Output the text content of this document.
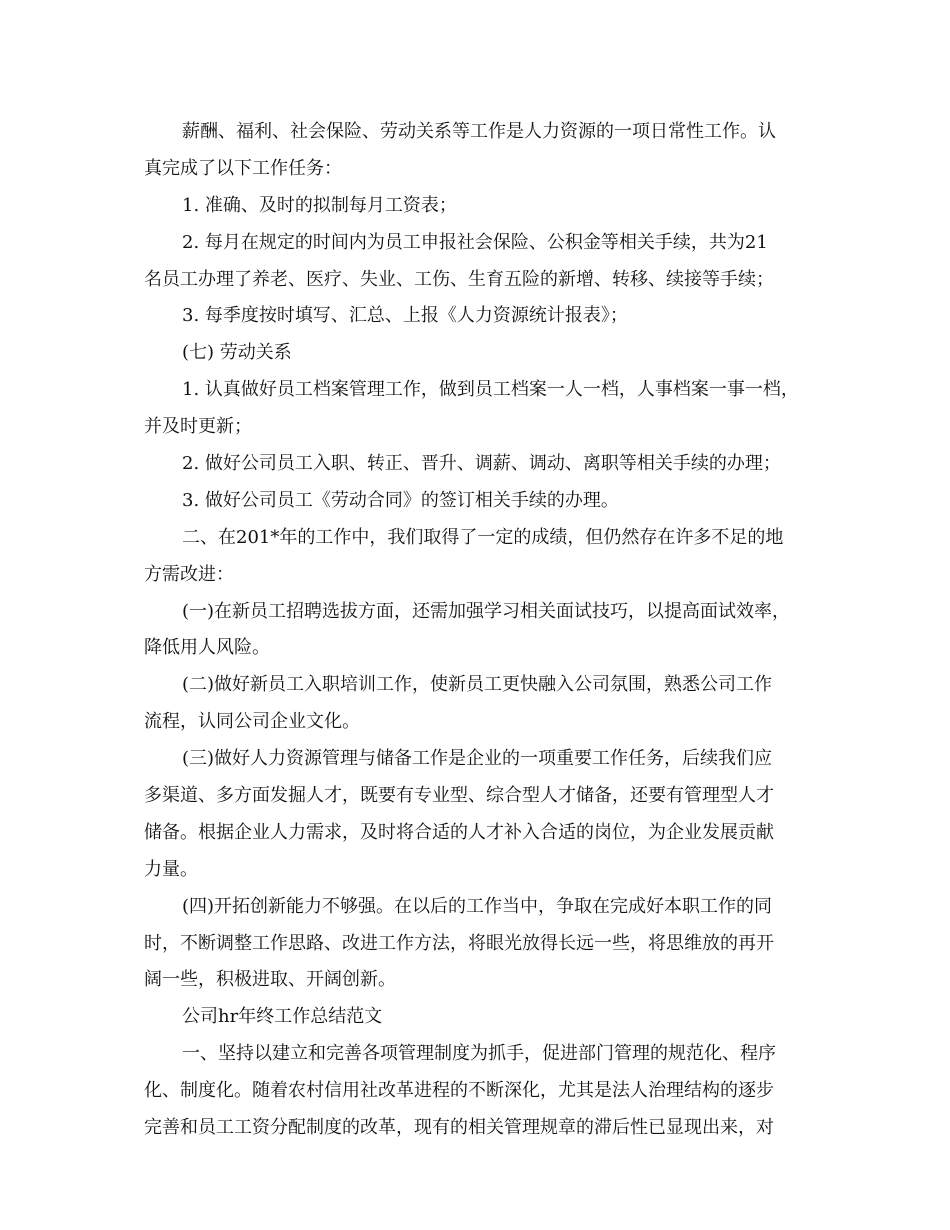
薪酬、福利、社会保险、劳动关系等工作是人力资源的一项日常性工作。认
真完成了以下工作任务：
1. 准确、及时的拟制每月工资表；
2. 每月在规定的时间内为员工申报社会保险、公积金等相关手续，共为21
名员工办理了养老、医疗、失业、工伤、生育五险的新增、转移、续接等手续；
3. 每季度按时填写、汇总、上报《人力资源统计报表》；
(七) 劳动关系
1. 认真做好员工档案管理工作，做到员工档案一人一档，人事档案一事一档，
并及时更新；
2. 做好公司员工入职、转正、晋升、调薪、调动、离职等相关手续的办理；
3. 做好公司员工《劳动合同》的签订相关手续的办理。
二、在201*年的工作中，我们取得了一定的成绩，但仍然存在许多不足的地
方需改进：
(一)在新员工招聘选拔方面，还需加强学习相关面试技巧，以提高面试效率，
降低用人风险。
(二)做好新员工入职培训工作，使新员工更快融入公司氛围，熟悉公司工作
流程，认同公司企业文化。
(三)做好人力资源管理与储备工作是企业的一项重要工作任务，后续我们应
多渠道、多方面发掘人才，既要有专业型、综合型人才储备，还要有管理型人才
储备。根据企业人力需求，及时将合适的人才补入合适的岗位，为企业发展贡献
力量。
(四)开拓创新能力不够强。在以后的工作当中，争取在完成好本职工作的同
时，不断调整工作思路、改进工作方法，将眼光放得长远一些，将思维放的再开
阔一些，积极进取、开阔创新。
公司hr年终工作总结范文
一、坚持以建立和完善各项管理制度为抓手，促进部门管理的规范化、程序
化、制度化。随着农村信用社改革进程的不断深化，尤其是法人治理结构的逐步
完善和员工工资分配制度的改革，现有的相关管理规章的滞后性已显现出来，对
